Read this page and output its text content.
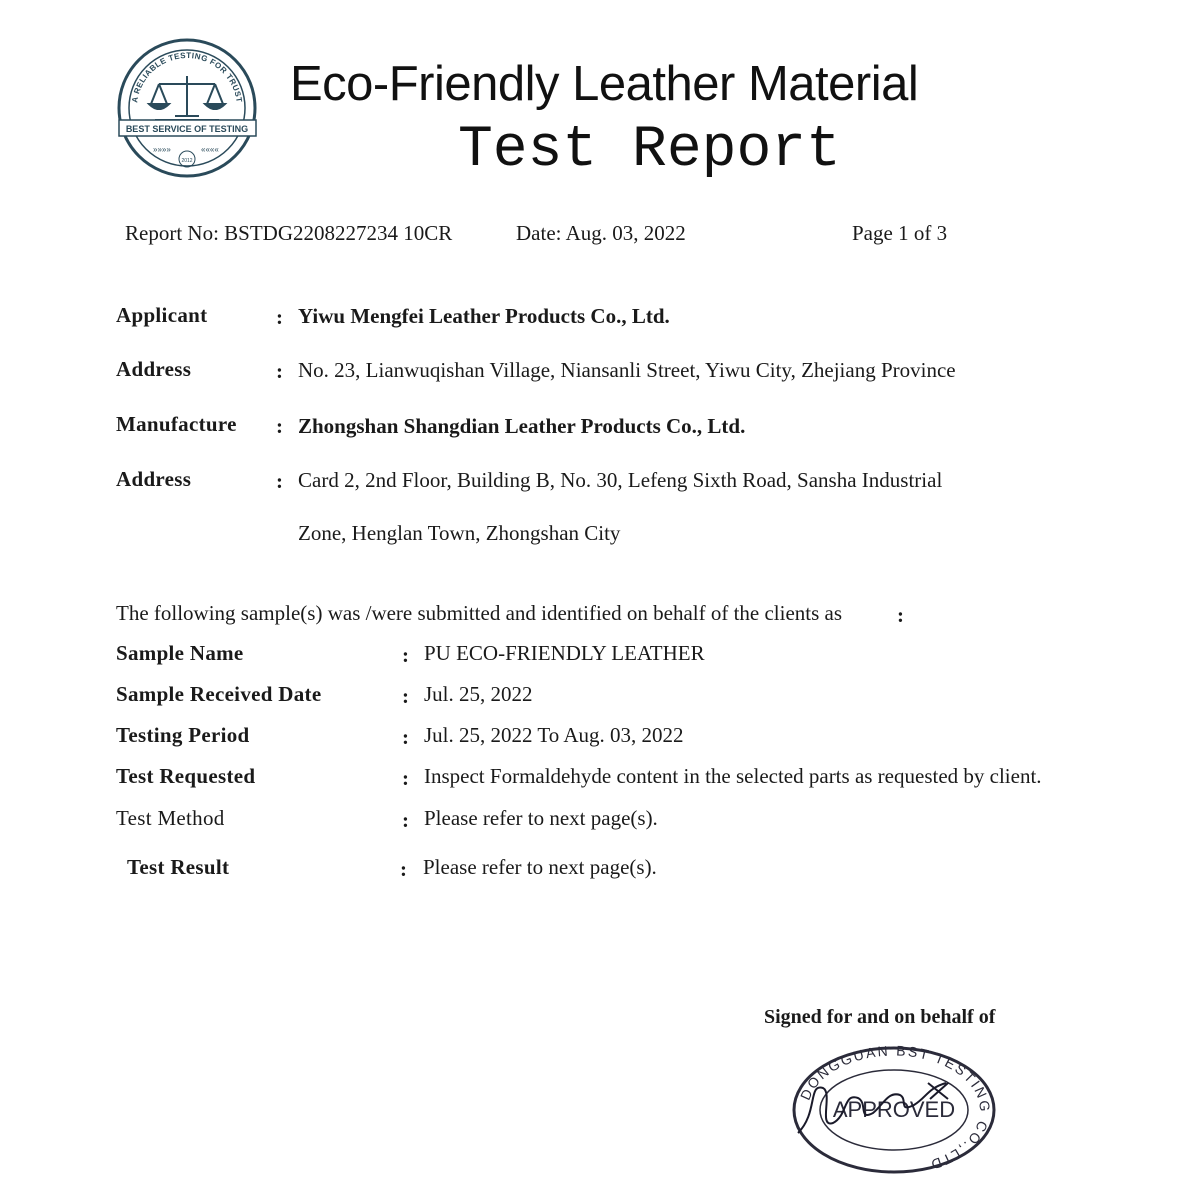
A RELIABLE TESTING FOR TRUST
BEST SERVICE OF TESTING
»»»»	««««
2012
Eco-Friendly Leather Material
Test Report
Report No: BSTDG2208227234 10CR	Date: Aug. 03, 2022	Page 1 of 3
Applicant	: Yiwu Mengfei Leather Products Co., Ltd.
Address	: No. 23, Lianwuqishan Village, Niansanli Street, Yiwu City, Zhejiang Province
Manufacture : Zhongshan Shangdian Leather Products Co., Ltd.
Address	: Card 2, 2nd Floor, Building B, No. 30, Lefeng Sixth Road, Sansha Industrial
Zone, Henglan Town, Zhongshan City
The following sample(s) was /were submitted and identified on behalf of the clients as	:
Sample Name	: PU ECO-FRIENDLY LEATHER
Sample Received Date	: Jul. 25, 2022
Testing Period	: Jul. 25, 2022 To Aug. 03, 2022
Test Requested	: Inspect Formaldehyde content in the selected parts as requested by client.
Test Method	: Please refer to next page(s).
Test Result	: Please refer to next page(s).
Signed for and on behalf of
DONGGUAN BST TESTING CO.,LTD
APPROVED
